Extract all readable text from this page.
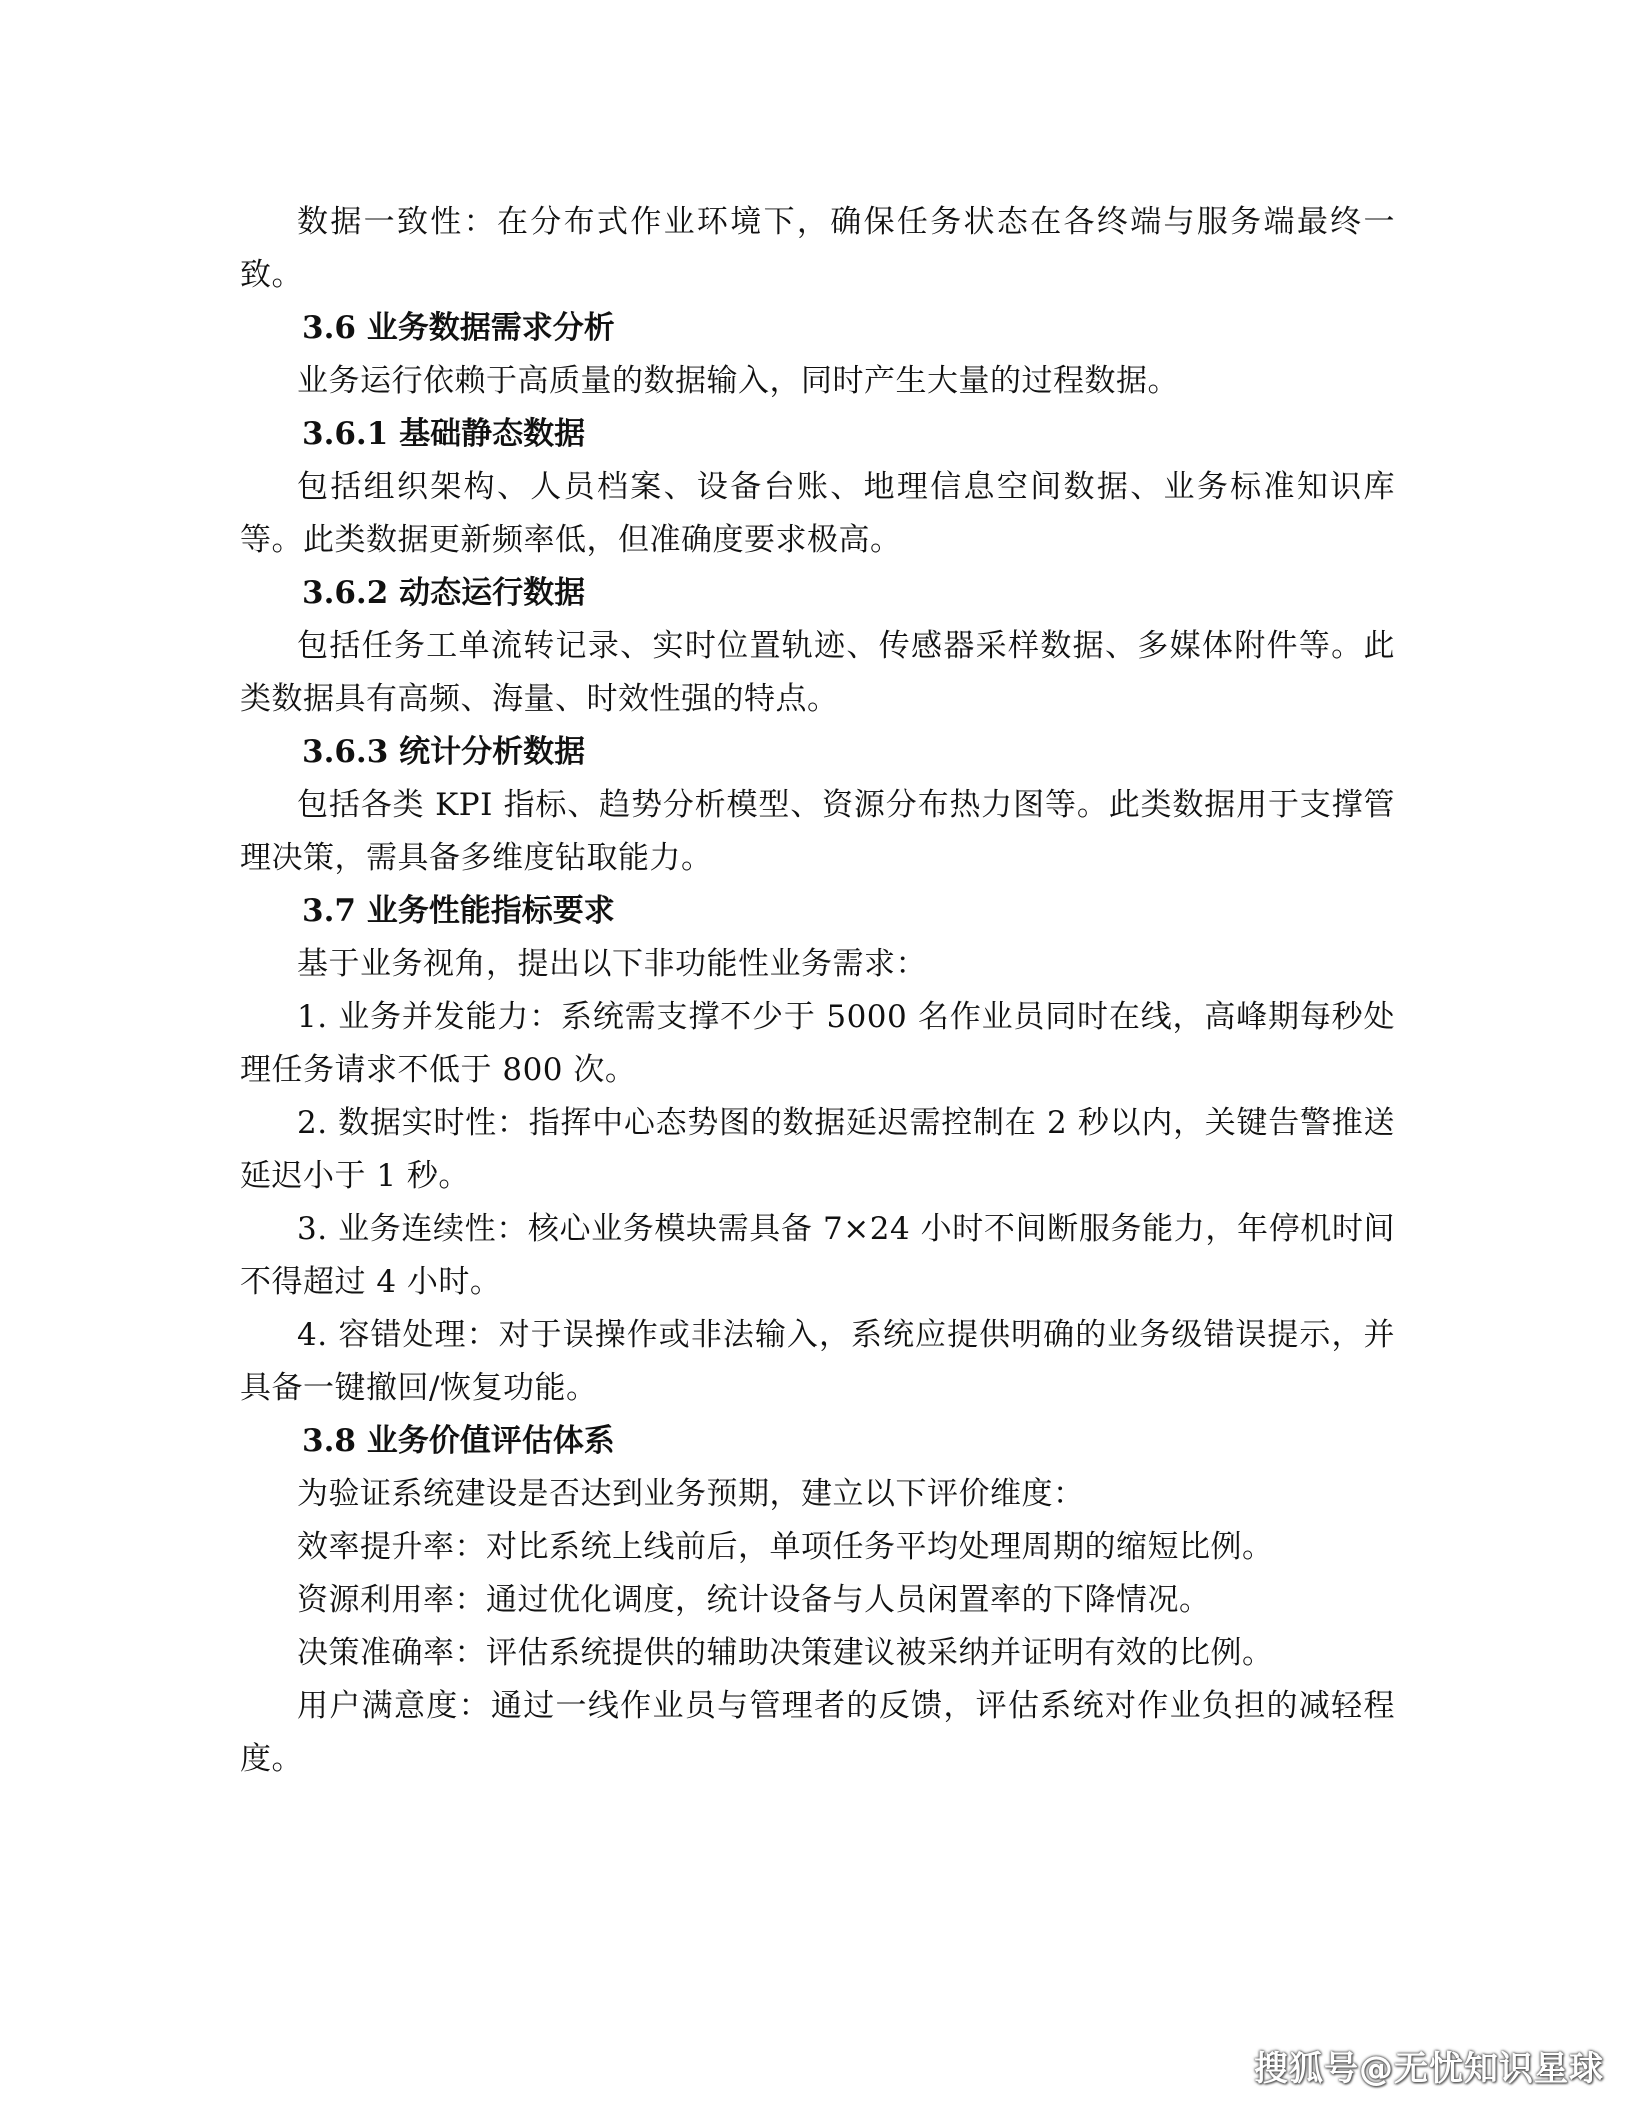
数据一致性：在分布式作业环境下，确保任务状态在各终端与服务端最终一致。

3.6 业务数据需求分析

业务运行依赖于高质量的数据输入，同时产生大量的过程数据。

3.6.1 基础静态数据

包括组织架构、人员档案、设备台账、地理信息空间数据、业务标准知识库等。此类数据更新频率低，但准确度要求极高。

3.6.2 动态运行数据

包括任务工单流转记录、实时位置轨迹、传感器采样数据、多媒体附件等。此类数据具有高频、海量、时效性强的特点。

3.6.3 统计分析数据

包括各类 KPI 指标、趋势分析模型、资源分布热力图等。此类数据用于支撑管理决策，需具备多维度钻取能力。

3.7 业务性能指标要求

基于业务视角，提出以下非功能性业务需求：

1. 业务并发能力：系统需支撑不少于 5000 名作业员同时在线，高峰期每秒处理任务请求不低于 800 次。

2. 数据实时性：指挥中心态势图的数据延迟需控制在 2 秒以内，关键告警推送延迟小于 1 秒。

3. 业务连续性：核心业务模块需具备 7×24 小时不间断服务能力，年停机时间不得超过 4 小时。

4. 容错处理：对于误操作或非法输入，系统应提供明确的业务级错误提示，并具备一键撤回/恢复功能。

3.8 业务价值评估体系

为验证系统建设是否达到业务预期，建立以下评价维度：

效率提升率：对比系统上线前后，单项任务平均处理周期的缩短比例。

资源利用率：通过优化调度，统计设备与人员闲置率的下降情况。

决策准确率：评估系统提供的辅助决策建议被采纳并证明有效的比例。

用户满意度：通过一线作业员与管理者的反馈，评估系统对作业负担的减轻程度。

搜狐号@无忧知识星球
